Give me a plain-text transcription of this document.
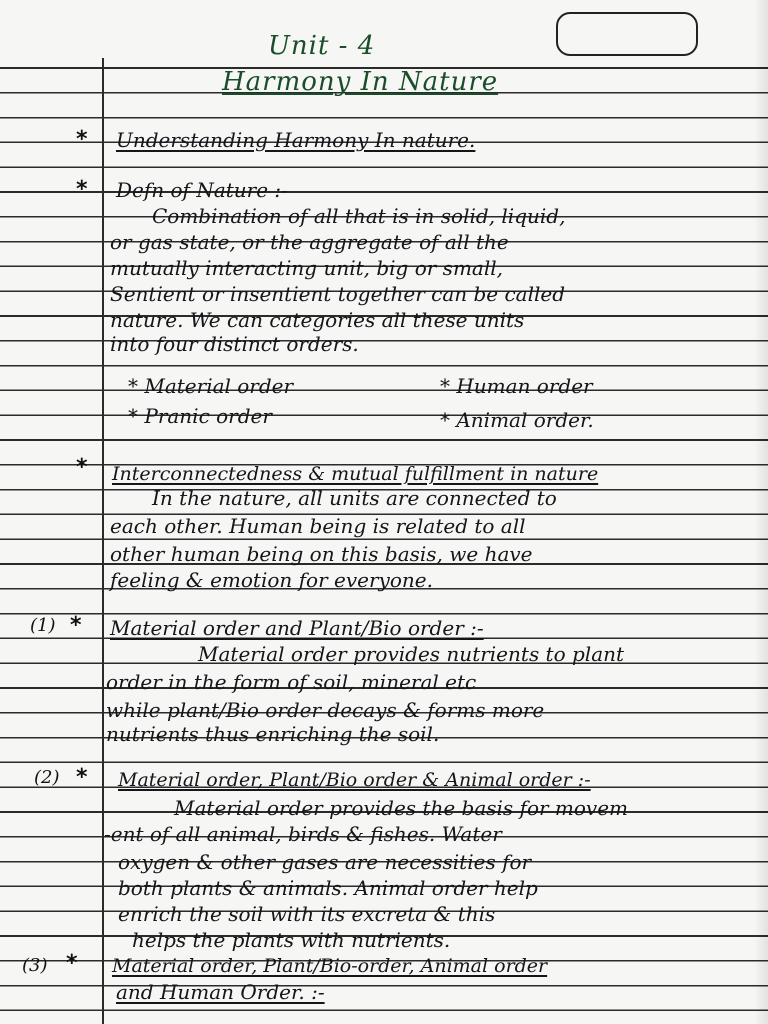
Unit - 4
Harmony In Nature
* Understanding Harmony In nature.
* Defn of Nature :-
Combination of all that is in solid, liquid,
or gas state, or the aggregate of all the
mutually interacting unit, big or small,
Sentient or insentient together can be called
nature. We can categories all these units
into four distinct orders.
* Material order	* Human order
* Pranic order	* Animal order.
* Interconnectedness & mutual fulfillment in nature
In the nature, all units are connected to
each other. Human being is related to all
other human being on this basis, we have
feeling & emotion for everyone.
(1) * Material order and Plant/Bio order :-
Material order provides nutrients to plant
order in the form of soil, mineral etc
while plant/Bio order decays & forms more
nutrients thus enriching the soil.
(2) * Material order, Plant/Bio order & Animal order :-
Material order provides the basis for movem
-ent of all animal, birds & fishes. Water
oxygen & other gases are necessities for
both plants & animals. Animal order help
enrich the soil with its excreta & this
helps the plants with nutrients.
(3) * Material order, Plant/Bio-order, Animal order
and Human Order. :-
